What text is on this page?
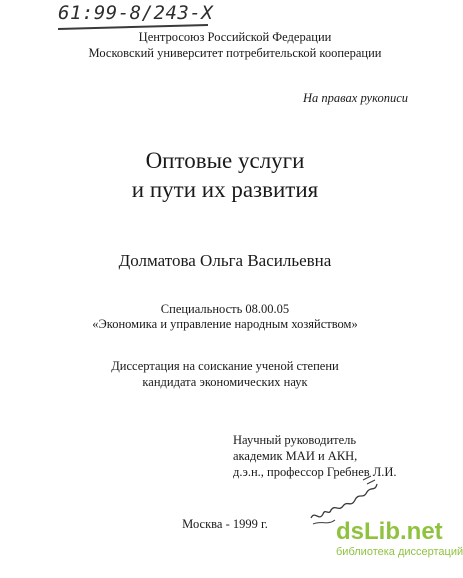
61:99-8/243-X
Центросоюз Российской Федерации
Московский университет потребительской кооперации
На правах рукописи
Оптовые услуги
и пути их развития
Долматова Ольга Васильевна
Специальность 08.00.05
«Экономика и управление народным хозяйством»
Диссертация на соискание ученой степени
кандидата экономических наук
Научный руководитель
академик МАИ и АКН,
д.э.н., профессор Гребнев Л.И.
Москва - 1999 г.	dsLib.net
библиотека диссертаций
